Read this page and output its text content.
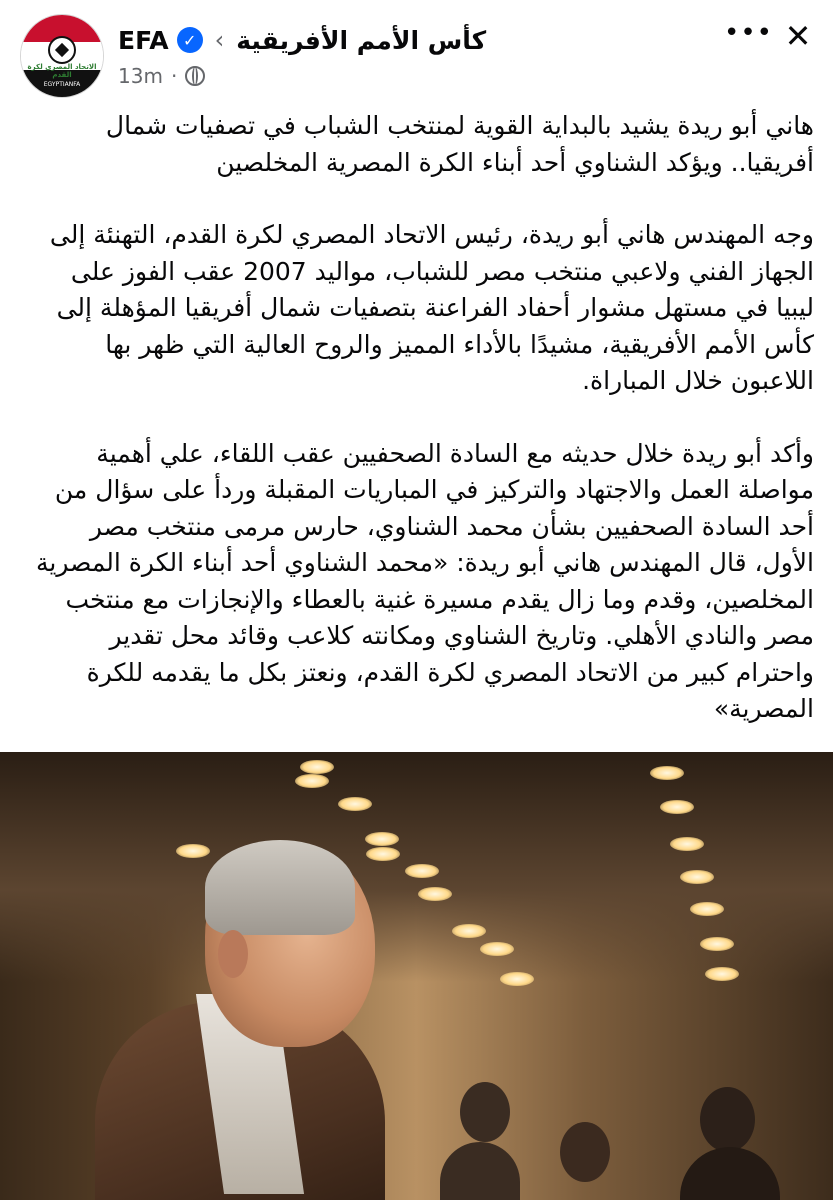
الاتحاد المصري لكرة القدم
EGYPTIANFA
EFA ✓ ‹ كأس الأمم الأفريقية
13m ·
••• ✕

هاني أبو ريدة يشيد بالبداية القوية لمنتخب الشباب في تصفيات شمال أفريقيا.. ويؤكد الشناوي أحد أبناء الكرة المصرية المخلصين

وجه المهندس هاني أبو ريدة، رئيس الاتحاد المصري لكرة القدم، التهنئة إلى الجهاز الفني ولاعبي منتخب مصر للشباب، مواليد 2007 عقب الفوز على ليبيا في مستهل مشوار أحفاد الفراعنة بتصفيات شمال أفريقيا المؤهلة إلى كأس الأمم الأفريقية، مشيدًا بالأداء المميز والروح العالية التي ظهر بها اللاعبون خلال المباراة.

وأكد أبو ريدة خلال حديثه مع السادة الصحفيين عقب اللقاء، علي أهمية مواصلة العمل والاجتهاد والتركيز في المباريات المقبلة وردأ على سؤال من أحد السادة الصحفيين بشأن محمد الشناوي، حارس مرمى منتخب مصر الأول، قال المهندس هاني أبو ريدة: «محمد الشناوي أحد أبناء الكرة المصرية المخلصين، وقدم وما زال يقدم مسيرة غنية بالعطاء والإنجازات مع منتخب مصر والنادي الأهلي. وتاريخ الشناوي ومكانته كلاعب وقائد محل تقدير واحترام كبير من الاتحاد المصري لكرة القدم، ونعتز بكل ما يقدمه للكرة المصرية»
